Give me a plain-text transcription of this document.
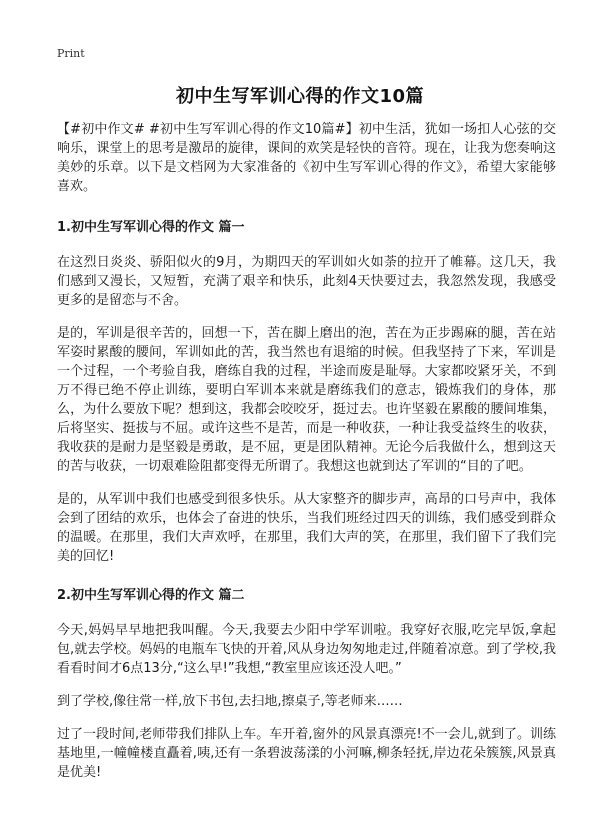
Print
初中生写军训心得的作文10篇

【#初中作文# #初中生写军训心得的作文10篇#】初中生活，犹如一场扣人心弦的交响乐，课堂上的思考是激昂的旋律，课间的欢笑是轻快的音符。现在，让我为您奏响这美妙的乐章。以下是文档网为大家准备的《初中生写军训心得的作文》，希望大家能够喜欢。

1.初中生写军训心得的作文 篇一

在这烈日炎炎、骄阳似火的9月，为期四天的军训如火如荼的拉开了帷幕。这几天，我们感到又漫长，又短暂，充满了艰辛和快乐，此刻4天快要过去，我忽然发现，我感受更多的是留恋与不舍。

是的，军训是很辛苦的，回想一下，苦在脚上磨出的泡，苦在为正步踢麻的腿，苦在站军姿时累酸的腰间，军训如此的苦，我当然也有退缩的时候。但我坚持了下来，军训是一个过程，一个考验自我，磨练自我的过程，半途而废是耻辱。大家都咬紧牙关，不到万不得已绝不停止训练，要明白军训本来就是磨练我们的意志，锻炼我们的身体，那么，为什么要放下呢？想到这，我都会咬咬牙，挺过去。也许坚毅在累酸的腰间堆集，后将坚实、挺拔与不屈。或许这些不是苦，而是一种收获，一种让我受益终生的收获，我收获的是耐力是坚毅是勇敢，是不屈，更是团队精神。无论今后我做什么，想到这天的苦与收获，一切艰难险阻都变得无所谓了。我想这也就到达了军训的“目的了吧。

是的，从军训中我们也感受到很多快乐。从大家整齐的脚步声，高昂的口号声中，我体会到了团结的欢乐，也体会了奋进的快乐，当我们班经过四天的训练，我们感受到群众的温暖。在那里，我们大声欢呼，在那里，我们大声的笑，在那里，我们留下了我们完美的回忆!

2.初中生写军训心得的作文 篇二

今天,妈妈早早地把我叫醒。今天,我要去少阳中学军训啦。我穿好衣服,吃完早饭,拿起包,就去学校。妈妈的电瓶车飞快的开着,风从身边匆匆地走过,伴随着凉意。到了学校,我看看时间才6点13分,“这么早!”我想,“教室里应该还没人吧。”

到了学校,像往常一样,放下书包,去扫地,擦桌子,等老师来……

过了一段时间,老师带我们排队上车。车开着,窗外的风景真漂亮!不一会儿,就到了。训练基地里,一幢幢楼直矗着,咦,还有一条碧波荡漾的小河嘛,柳条轻抚,岸边花朵簇簇,风景真是优美!
